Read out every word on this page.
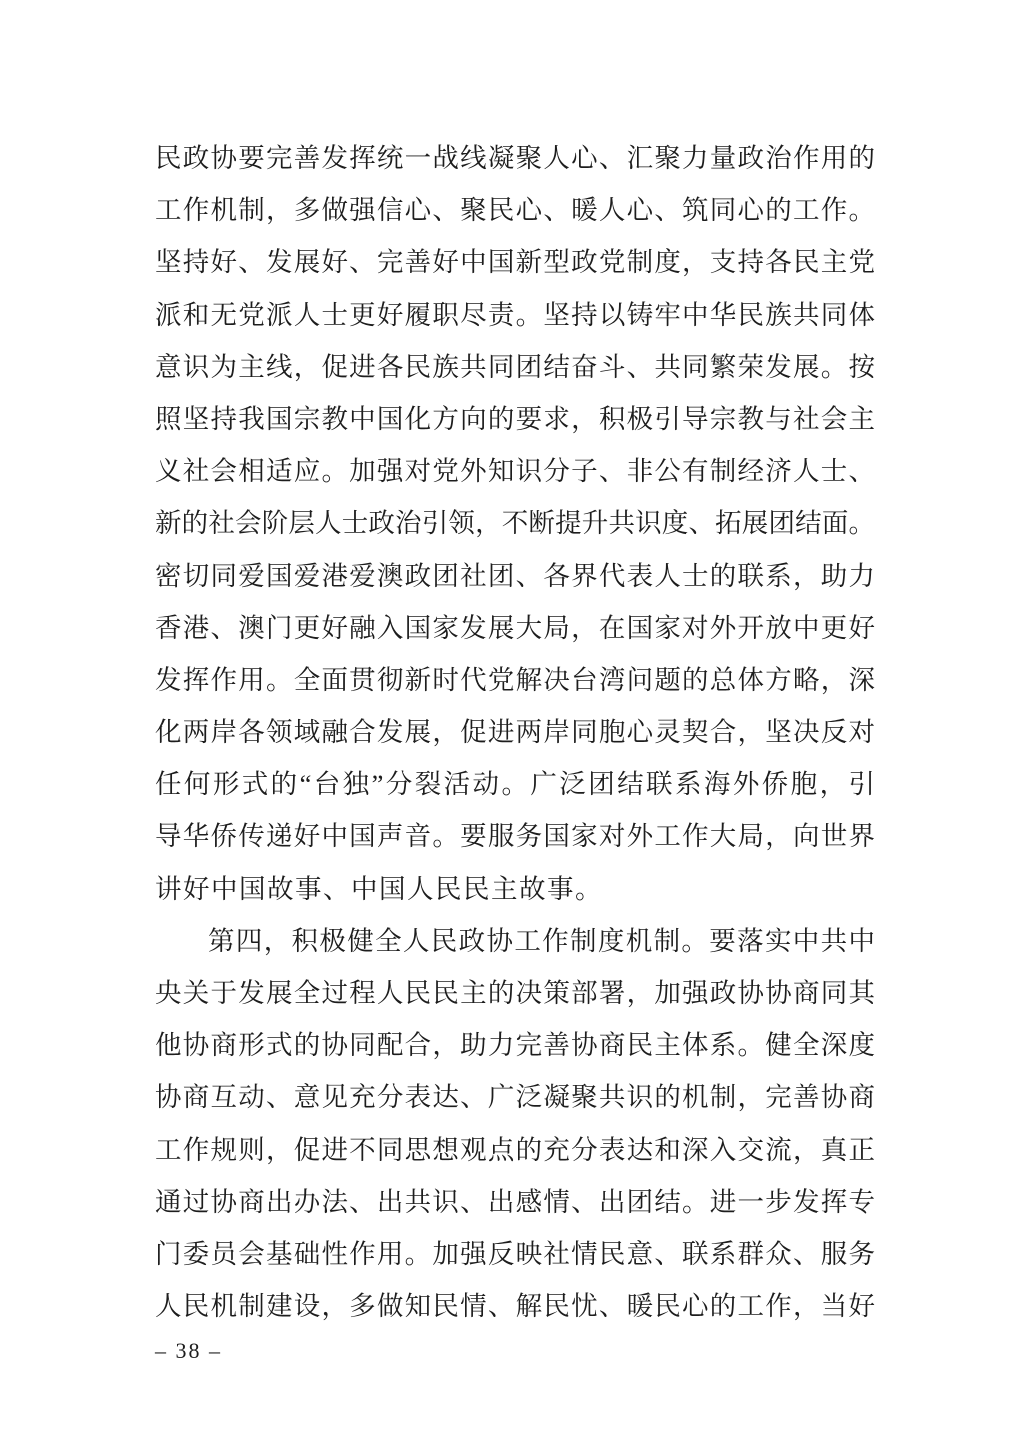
民政协要完善发挥统一战线凝聚人心、汇聚力量政治作用的
工作机制，多做强信心、聚民心、暖人心、筑同心的工作。
坚持好、发展好、完善好中国新型政党制度，支持各民主党
派和无党派人士更好履职尽责。坚持以铸牢中华民族共同体
意识为主线，促进各民族共同团结奋斗、共同繁荣发展。按
照坚持我国宗教中国化方向的要求，积极引导宗教与社会主
义社会相适应。加强对党外知识分子、非公有制经济人士、
新的社会阶层人士政治引领，不断提升共识度、拓展团结面。
密切同爱国爱港爱澳政团社团、各界代表人士的联系，助力
香港、澳门更好融入国家发展大局，在国家对外开放中更好
发挥作用。全面贯彻新时代党解决台湾问题的总体方略，深
化两岸各领域融合发展，促进两岸同胞心灵契合，坚决反对
任何形式的“台独”分裂活动。广泛团结联系海外侨胞，引
导华侨传递好中国声音。要服务国家对外工作大局，向世界
讲好中国故事、中国人民民主故事。
第四，积极健全人民政协工作制度机制。要落实中共中
央关于发展全过程人民民主的决策部署，加强政协协商同其
他协商形式的协同配合，助力完善协商民主体系。健全深度
协商互动、意见充分表达、广泛凝聚共识的机制，完善协商
工作规则，促进不同思想观点的充分表达和深入交流，真正
通过协商出办法、出共识、出感情、出团结。进一步发挥专
门委员会基础性作用。加强反映社情民意、联系群众、服务
人民机制建设，多做知民情、解民忧、暖民心的工作，当好
– 38 –
